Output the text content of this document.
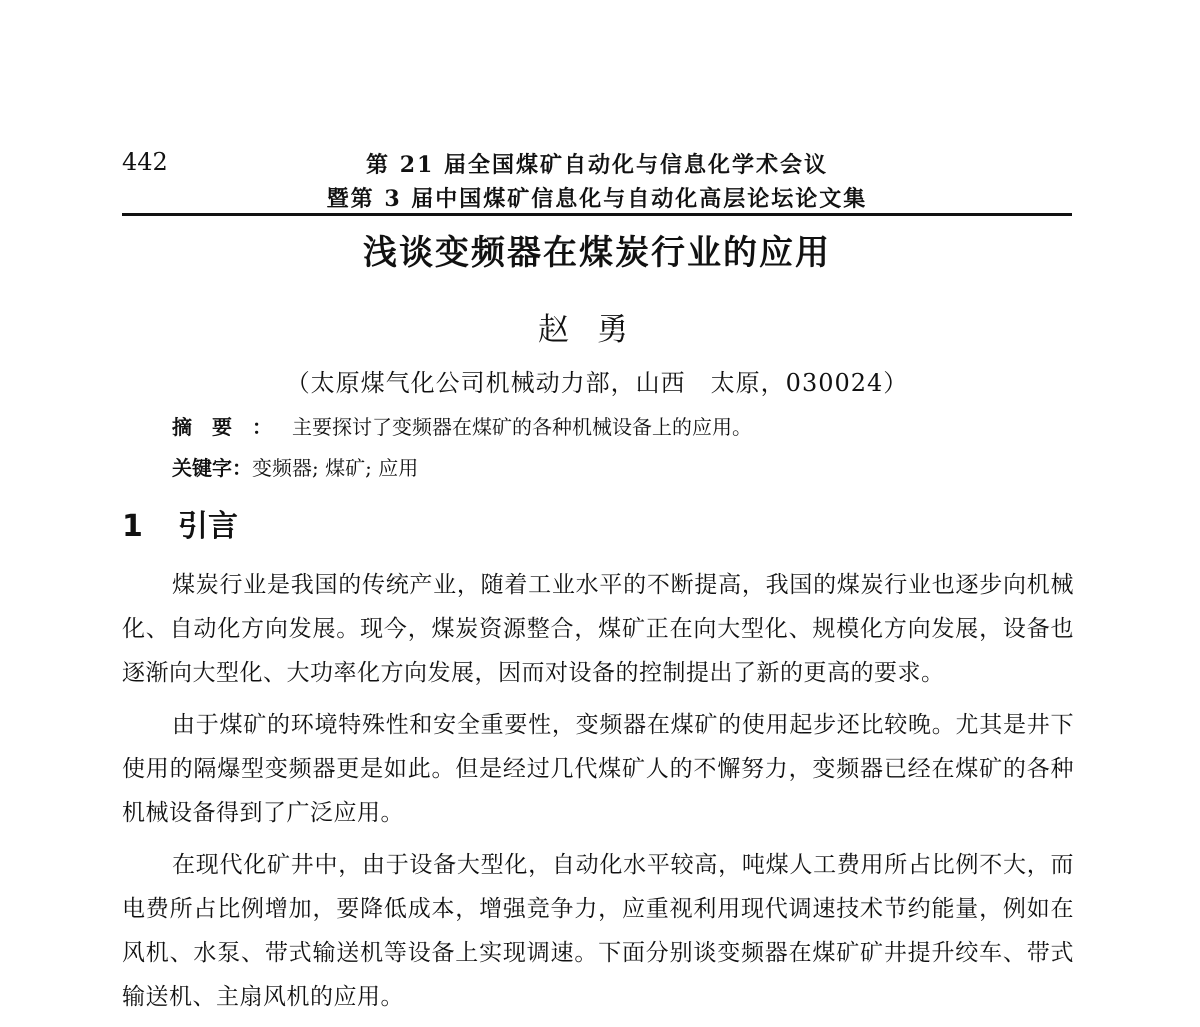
442	第 21 届全国煤矿自动化与信息化学术会议
暨第 3 届中国煤矿信息化与自动化高层论坛论文集
浅谈变频器在煤炭行业的应用
赵勇
（太原煤气化公司机械动力部，山西　太原，030024）
摘要：主要探讨了变频器在煤矿的各种机械设备上的应用。
关键字：变频器; 煤矿; 应用
1 引言

煤炭行业是我国的传统产业，随着工业水平的不断提高，我国的煤炭行业也逐步向机械化、自动化方向发展。现今，煤炭资源整合，煤矿正在向大型化、规模化方向发展，设备也逐渐向大型化、大功率化方向发展，因而对设备的控制提出了新的更高的要求。

由于煤矿的环境特殊性和安全重要性，变频器在煤矿的使用起步还比较晚。尤其是井下使用的隔爆型变频器更是如此。但是经过几代煤矿人的不懈努力，变频器已经在煤矿的各种机械设备得到了广泛应用。

在现代化矿井中，由于设备大型化，自动化水平较高，吨煤人工费用所占比例不大，而电费所占比例增加，要降低成本，增强竞争力，应重视利用现代调速技术节约能量，例如在风机、水泵、带式输送机等设备上实现调速。下面分别谈变频器在煤矿矿井提升绞车、带式输送机、主扇风机的应用。
